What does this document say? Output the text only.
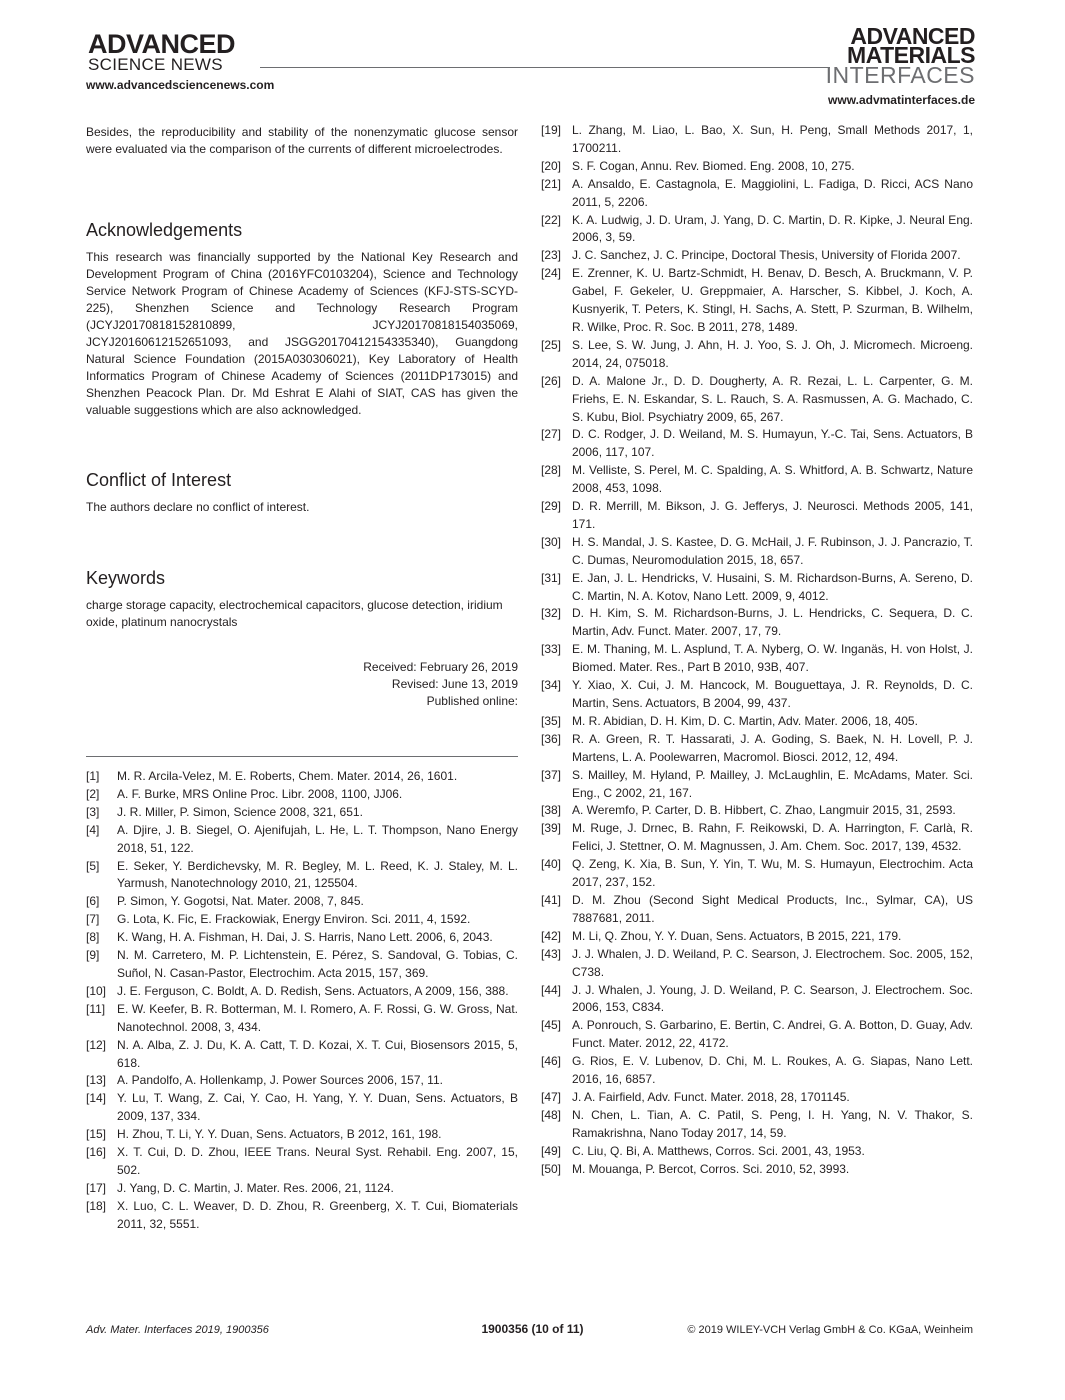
ADVANCED
SCIENCE NEWS
www.advancedsciencenews.com
ADVANCED
MATERIALS
INTERFACES
www.advmatinterfaces.de

Besides, the reproducibility and stability of the nonenzymatic glucose sensor were evaluated via the comparison of the currents of different microelectrodes.

Acknowledgements

This research was financially supported by the National Key Research and Development Program of China (2016YFC0103204), Science and Technology Service Network Program of Chinese Academy of Sciences (KFJ-STS-SCYD-225), Shenzhen Science and Technology Research Program (JCYJ20170818152810899, JCYJ20170818154035069, JCYJ20160612152651093, and JSGG20170412154335340), Guangdong Natural Science Foundation (2015A030306021), Key Laboratory of Health Informatics Program of Chinese Academy of Sciences (2011DP173015) and Shenzhen Peacock Plan. Dr. Md Eshrat E Alahi of SIAT, CAS has given the valuable suggestions which are also acknowledged.

Conflict of Interest

The authors declare no conflict of interest.

Keywords

charge storage capacity, electrochemical capacitors, glucose detection, iridium oxide, platinum nanocrystals

Received: February 26, 2019
Revised: June 13, 2019
Published online:
[1]	M. R. Arcila-Velez, M. E. Roberts, Chem. Mater. 2014, 26, 1601.
[2]	A. F. Burke, MRS Online Proc. Libr. 2008, 1100, JJ06.
[3]	J. R. Miller, P. Simon, Science 2008, 321, 651.
[4]	A. Djire, J. B. Siegel, O. Ajenifujah, L. He, L. T. Thompson, Nano Energy 2018, 51, 122.
[5]	E. Seker, Y. Berdichevsky, M. R. Begley, M. L. Reed, K. J. Staley, M. L. Yarmush, Nanotechnology 2010, 21, 125504.
[6]	P. Simon, Y. Gogotsi, Nat. Mater. 2008, 7, 845.
[7]	G. Lota, K. Fic, E. Frackowiak, Energy Environ. Sci. 2011, 4, 1592.
[8]	K. Wang, H. A. Fishman, H. Dai, J. S. Harris, Nano Lett. 2006, 6, 2043.
[9]	N. M. Carretero, M. P. Lichtenstein, E. Pérez, S. Sandoval, G. Tobias, C. Suñol, N. Casan-Pastor, Electrochim. Acta 2015, 157, 369.
[10] J. E. Ferguson, C. Boldt, A. D. Redish, Sens. Actuators, A 2009, 156, 388.
[11] E. W. Keefer, B. R. Botterman, M. I. Romero, A. F. Rossi, G. W. Gross, Nat. Nanotechnol. 2008, 3, 434.
[12] N. A. Alba, Z. J. Du, K. A. Catt, T. D. Kozai, X. T. Cui, Biosensors 2015, 5, 618.
[13] A. Pandolfo, A. Hollenkamp, J. Power Sources 2006, 157, 11.
[14] Y. Lu, T. Wang, Z. Cai, Y. Cao, H. Yang, Y. Y. Duan, Sens. Actuators, B 2009, 137, 334.
[15] H. Zhou, T. Li, Y. Y. Duan, Sens. Actuators, B 2012, 161, 198.
[16] X. T. Cui, D. D. Zhou, IEEE Trans. Neural Syst. Rehabil. Eng. 2007, 15, 502.
[17] J. Yang, D. C. Martin, J. Mater. Res. 2006, 21, 1124.
[18] X. Luo, C. L. Weaver, D. D. Zhou, R. Greenberg, X. T. Cui, Biomaterials 2011, 32, 5551.
[19] L. Zhang, M. Liao, L. Bao, X. Sun, H. Peng, Small Methods 2017, 1, 1700211.
[20] S. F. Cogan, Annu. Rev. Biomed. Eng. 2008, 10, 275.
[21] A. Ansaldo, E. Castagnola, E. Maggiolini, L. Fadiga, D. Ricci, ACS Nano 2011, 5, 2206.
[22] K. A. Ludwig, J. D. Uram, J. Yang, D. C. Martin, D. R. Kipke, J. Neural Eng. 2006, 3, 59.
[23] J. C. Sanchez, J. C. Principe, Doctoral Thesis, University of Florida 2007.
[24] E. Zrenner, K. U. Bartz-Schmidt, H. Benav, D. Besch, A. Bruckmann, V. P. Gabel, F. Gekeler, U. Greppmaier, A. Harscher, S. Kibbel, J. Koch, A. Kusnyerik, T. Peters, K. Stingl, H. Sachs, A. Stett, P. Szurman, B. Wilhelm, R. Wilke, Proc. R. Soc. B 2011, 278, 1489.
[25] S. Lee, S. W. Jung, J. Ahn, H. J. Yoo, S. J. Oh, J. Micromech. Microeng. 2014, 24, 075018.
[26] D. A. Malone Jr., D. D. Dougherty, A. R. Rezai, L. L. Carpenter, G. M. Friehs, E. N. Eskandar, S. L. Rauch, S. A. Rasmussen, A. G. Machado, C. S. Kubu, Biol. Psychiatry 2009, 65, 267.
[27] D. C. Rodger, J. D. Weiland, M. S. Humayun, Y.-C. Tai, Sens. Actuators, B 2006, 117, 107.
[28] M. Velliste, S. Perel, M. C. Spalding, A. S. Whitford, A. B. Schwartz, Nature 2008, 453, 1098.
[29] D. R. Merrill, M. Bikson, J. G. Jefferys, J. Neurosci. Methods 2005, 141, 171.
[30] H. S. Mandal, J. S. Kastee, D. G. McHail, J. F. Rubinson, J. J. Pancrazio, T. C. Dumas, Neuromodulation 2015, 18, 657.
[31] E. Jan, J. L. Hendricks, V. Husaini, S. M. Richardson-Burns, A. Sereno, D. C. Martin, N. A. Kotov, Nano Lett. 2009, 9, 4012.
[32] D. H. Kim, S. M. Richardson-Burns, J. L. Hendricks, C. Sequera, D. C. Martin, Adv. Funct. Mater. 2007, 17, 79.
[33] E. M. Thaning, M. L. Asplund, T. A. Nyberg, O. W. Inganäs, H. von Holst, J. Biomed. Mater. Res., Part B 2010, 93B, 407.
[34] Y. Xiao, X. Cui, J. M. Hancock, M. Bouguettaya, J. R. Reynolds, D. C. Martin, Sens. Actuators, B 2004, 99, 437.
[35] M. R. Abidian, D. H. Kim, D. C. Martin, Adv. Mater. 2006, 18, 405.
[36] R. A. Green, R. T. Hassarati, J. A. Goding, S. Baek, N. H. Lovell, P. J. Martens, L. A. Poolewarren, Macromol. Biosci. 2012, 12, 494.
[37] S. Mailley, M. Hyland, P. Mailley, J. McLaughlin, E. McAdams, Mater. Sci. Eng., C 2002, 21, 167.
[38] A. Weremfo, P. Carter, D. B. Hibbert, C. Zhao, Langmuir 2015, 31, 2593.
[39] M. Ruge, J. Drnec, B. Rahn, F. Reikowski, D. A. Harrington, F. Carlà, R. Felici, J. Stettner, O. M. Magnussen, J. Am. Chem. Soc. 2017, 139, 4532.
[40] Q. Zeng, K. Xia, B. Sun, Y. Yin, T. Wu, M. S. Humayun, Electrochim. Acta 2017, 237, 152.
[41] D. M. Zhou (Second Sight Medical Products, Inc., Sylmar, CA), US 7887681, 2011.
[42] M. Li, Q. Zhou, Y. Y. Duan, Sens. Actuators, B 2015, 221, 179.
[43] J. J. Whalen, J. D. Weiland, P. C. Searson, J. Electrochem. Soc. 2005, 152, C738.
[44] J. J. Whalen, J. Young, J. D. Weiland, P. C. Searson, J. Electrochem. Soc. 2006, 153, C834.
[45] A. Ponrouch, S. Garbarino, E. Bertin, C. Andrei, G. A. Botton, D. Guay, Adv. Funct. Mater. 2012, 22, 4172.
[46] G. Rios, E. V. Lubenov, D. Chi, M. L. Roukes, A. G. Siapas, Nano Lett. 2016, 16, 6857.
[47] J. A. Fairfield, Adv. Funct. Mater. 2018, 28, 1701145.
[48] N. Chen, L. Tian, A. C. Patil, S. Peng, I. H. Yang, N. V. Thakor, S. Ramakrishna, Nano Today 2017, 14, 59.
[49] C. Liu, Q. Bi, A. Matthews, Corros. Sci. 2001, 43, 1953.
[50] M. Mouanga, P. Bercot, Corros. Sci. 2010, 52, 3993.
Adv. Mater. Interfaces 2019, 1900356	1900356 (10 of 11)	© 2019 WILEY-VCH Verlag GmbH & Co. KGaA, Weinheim
